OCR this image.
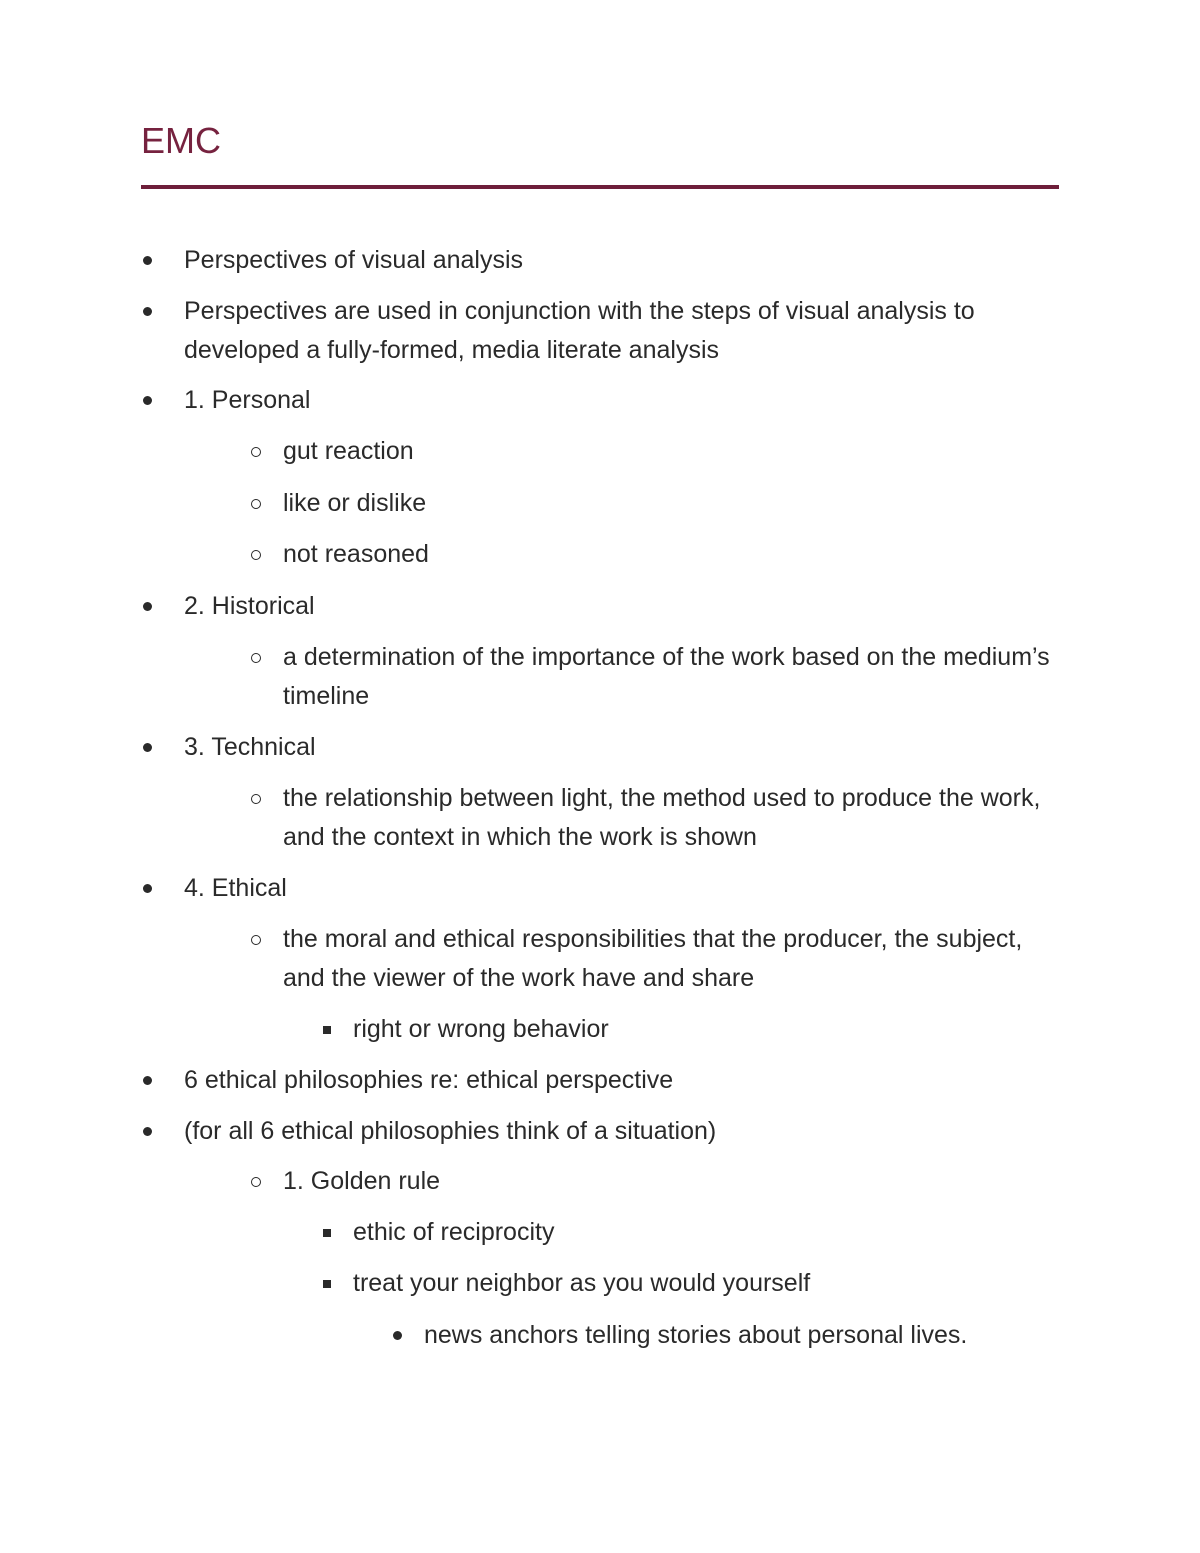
EMC
Perspectives of visual analysis
Perspectives are used in conjunction with the steps of visual analysis to developed a fully-formed, media literate analysis
1. Personal
gut reaction
like or dislike
not reasoned
2. Historical
a determination of the importance of the work based on the medium’s timeline
3. Technical
the relationship between light, the method used to produce the work, and the context in which the work is shown
4. Ethical
the moral and ethical responsibilities that the producer, the subject, and the viewer of the work have and share
right or wrong behavior
6 ethical philosophies re: ethical perspective
(for all 6 ethical philosophies think of a situation)
1. Golden rule
ethic of reciprocity
treat your neighbor as you would yourself
news anchors telling stories about personal lives.
